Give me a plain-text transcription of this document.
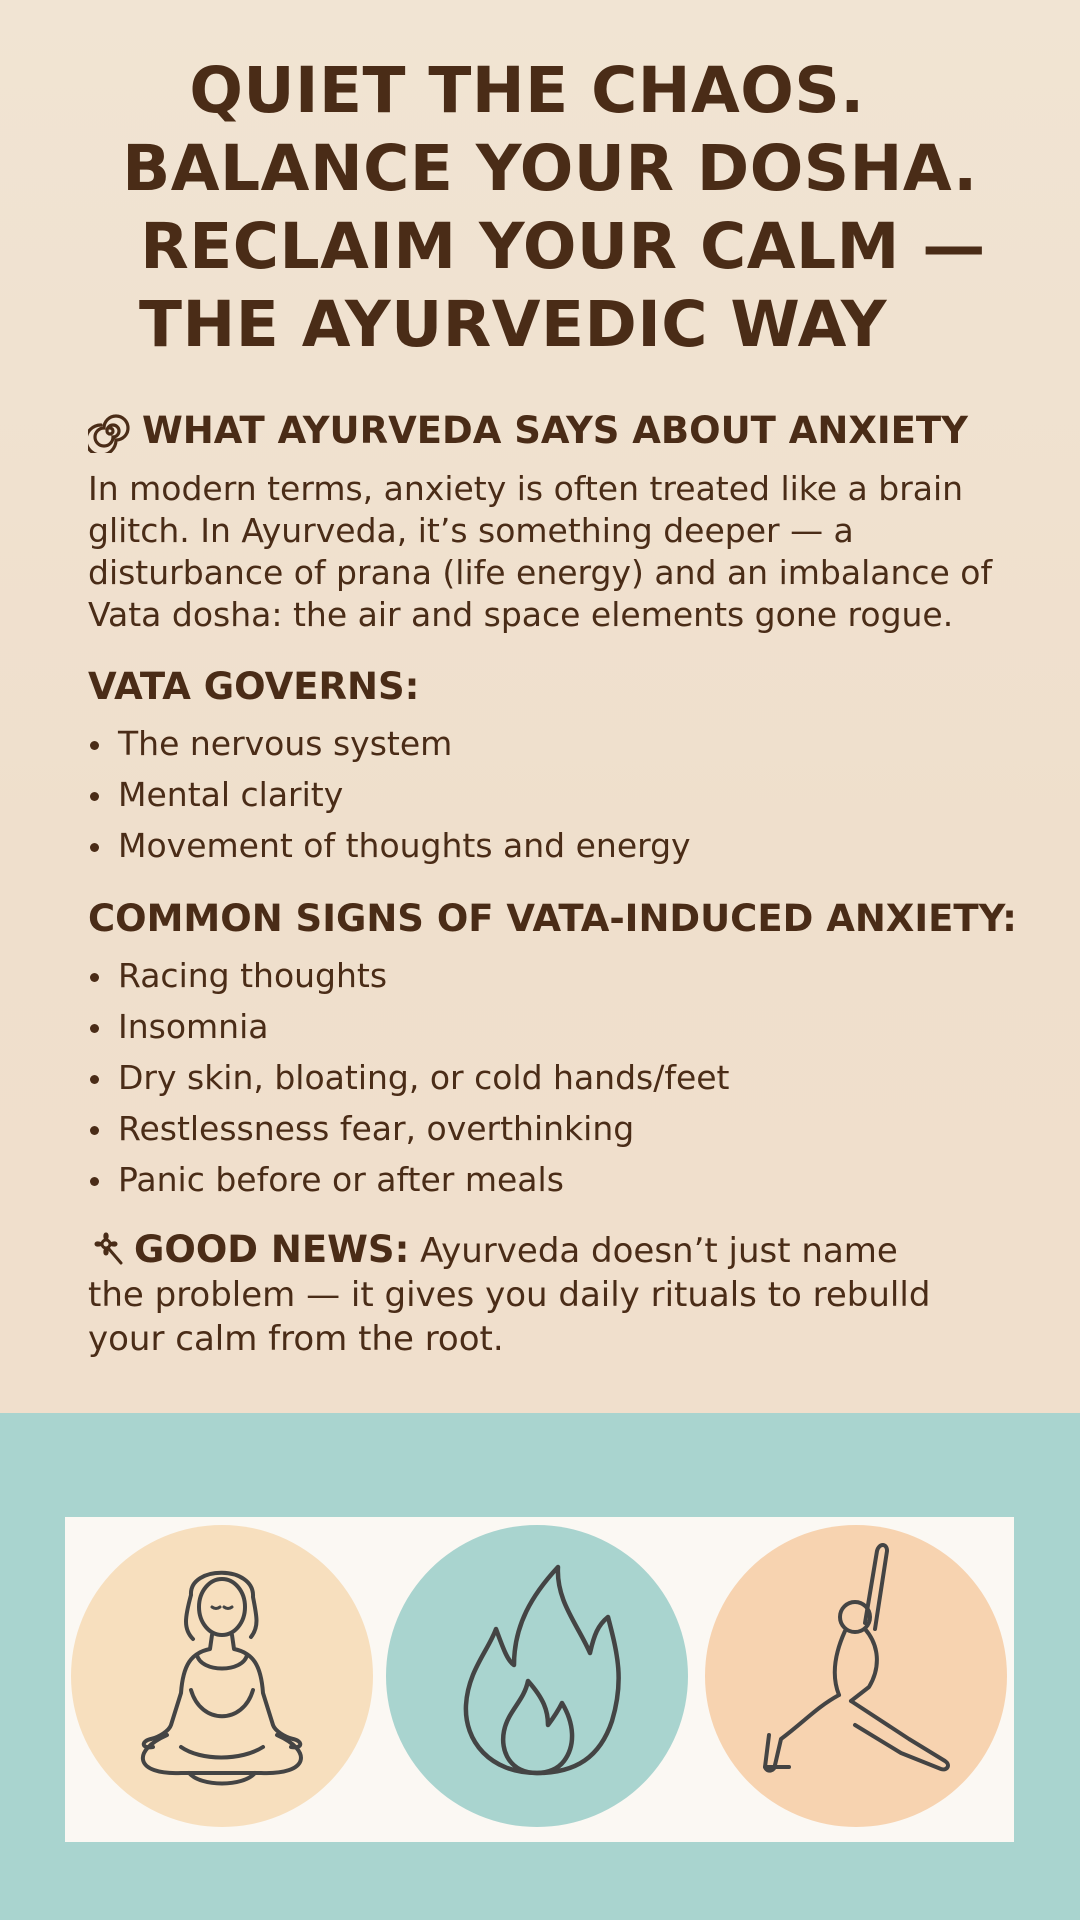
QUIET THE CHAOS.
BALANCE YOUR DOSHA.
RECLAIM YOUR CALM —
THE AYURVEDIC WAY
WHAT AYURVEDA SAYS ABOUT ANXIETY

In modern terms, anxiety is often treated like a brain
glitch. In Ayurveda, it’s something deeper — a
disturbance of prana (life energy) and an imbalance of
Vata dosha: the air and space elements gone rogue.

VATA GOVERNS:
The nervous system
Mental clarity
Movement of thoughts and energy
COMMON SIGNS OF VATA-INDUCED ANXIETY:
Racing thoughts
Insomnia
Dry skin, bloating, or cold hands/feet
Restlessness fear, overthinking
Panic before or after meals

GOOD NEWS: Ayurveda doesn’t just name
the problem — it gives you daily rituals to rebulld
your calm from the root.
